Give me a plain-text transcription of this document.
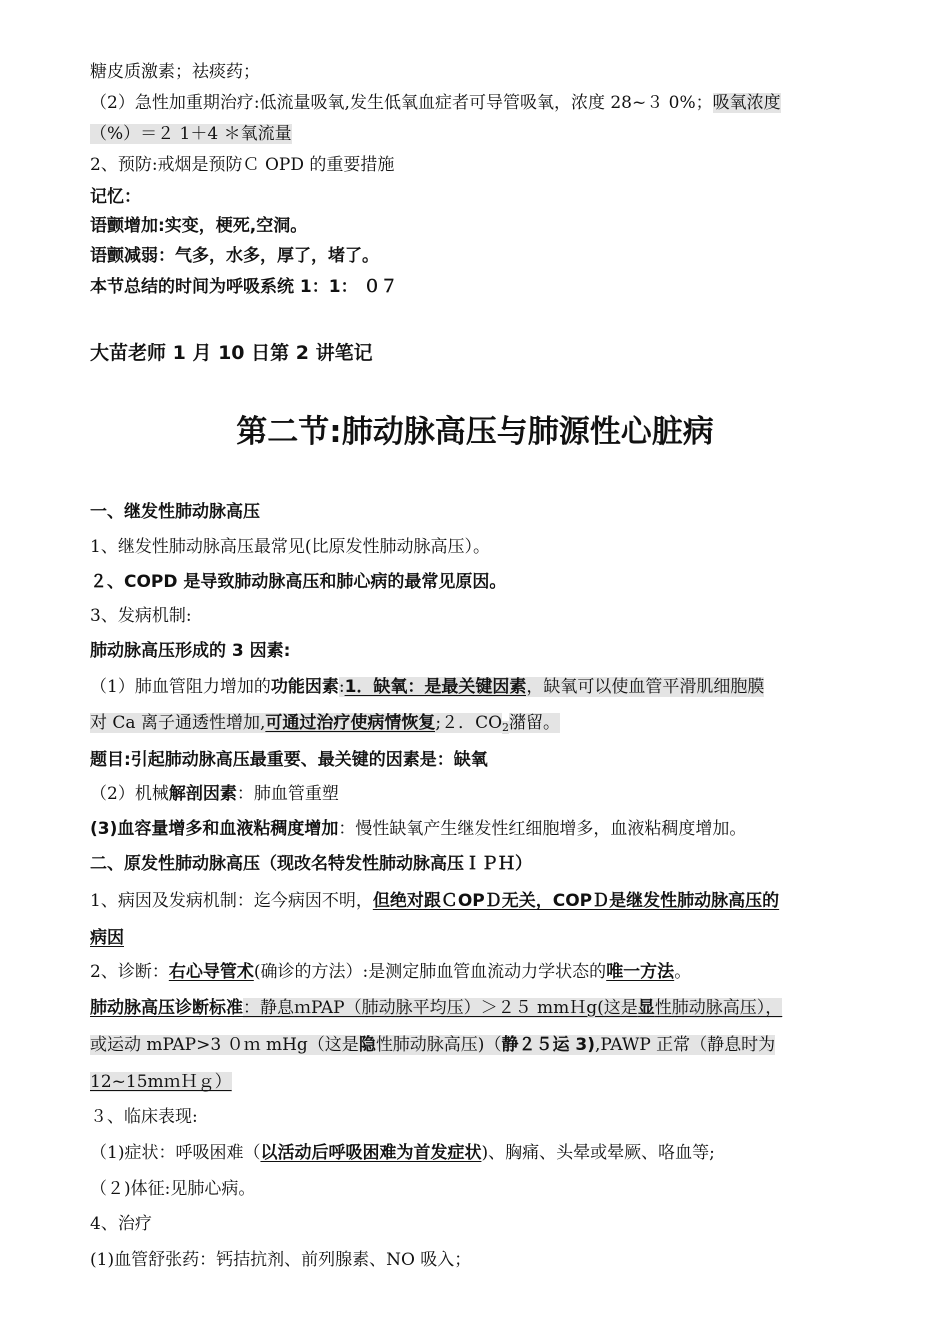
糖皮质激素；祛痰药；
（2）急性加重期治疗:低流量吸氧,发生低氧血症者可导管吸氧，浓度 28~３ 0%；吸氧浓度
（%）＝２ 1＋4 ＊氧流量
2、预防:戒烟是预防Ｃ OPD 的重要措施
记忆：
语颤增加:实变，梗死,空洞。
语颤减弱：气多，水多，厚了，堵了。
本节总结的时间为呼吸系统 1：1： ０７
大苗老师 1 月 10 日第 2 讲笔记
第二节:肺动脉高压与肺源性心脏病
一、继发性肺动脉高压
1、继发性肺动脉高压最常见(比原发性肺动脉高压）。
２、COPD 是导致肺动脉高压和肺心病的最常见原因。
3、发病机制:
肺动脉高压形成的 3 因素:
（1）肺血管阻力增加的功能因素:1．缺氧：是最关键因素，缺氧可以使血管平滑肌细胞膜
对 Ca 离子通透性增加,可通过治疗使病情恢复;２．$CO_2$潴留。
题目:引起肺动脉高压最重要、最关键的因素是：缺氧
（2）机械解剖因素：肺血管重塑
(3)血容量增多和血液粘稠度增加：慢性缺氧产生继发性红细胞增多，血液粘稠度增加。
二、原发性肺动脉高压（现改名特发性肺动脉高压ＩＰＨ）
1、病因及发病机制：迄今病因不明，但绝对跟ＣOPＤ无关，COPＤ是继发性肺动脉高压的
病因
2、诊断：右心导管术(确诊的方法）:是测定肺血管血流动力学状态的唯一方法。
肺动脉高压诊断标准：静息ｍPAP（肺动脉平均压）＞２５ mmＨg(这是显性肺动脉高压），
或运动 mPAP>3 ０ｍ mHg（这是隐性肺动脉高压)（静２５运 3),PAWP 正常（静息时为
12~15mｍＨｇ）
３、临床表现:
（1)症状：呼吸困难（以活动后呼吸困难为首发症状)、胸痛、头晕或晕厥、咯血等;
（２)体征:见肺心病。
4、治疗
(1)血管舒张药：钙拮抗剂、前列腺素、NO 吸入；
